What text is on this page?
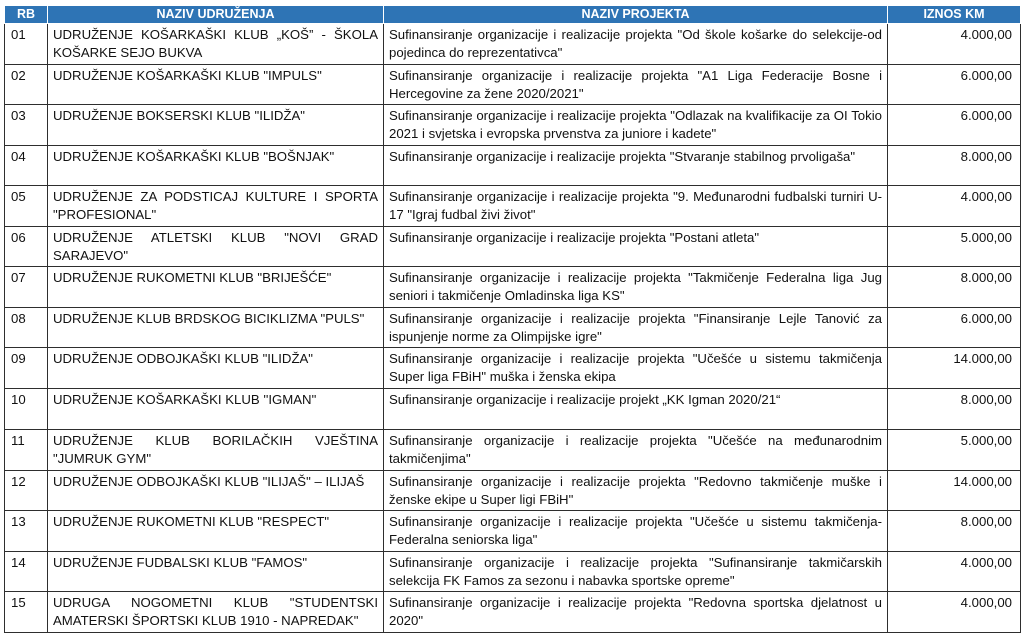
RB	NAZIV UDRUŽENJA	NAZIV PROJEKTA	IZNOS KM
01	UDRUŽENJE KOŠARKAŠKI KLUB „KOŠ” - ŠKOLA KOŠARKE SEJO BUKVA	Sufinansiranje organizacije i realizacije projekta "Od škole košarke do selekcije-od pojedinca do reprezentativca"	4.000,00
02	UDRUŽENJE KOŠARKAŠKI KLUB "IMPULS"	Sufinansiranje organizacije i realizacije projekta "A1 Liga Federacije Bosne i Hercegovine za žene 2020/2021"	6.000,00
03	UDRUŽENJE BOKSERSKI KLUB "ILIDŽA"	Sufinansiranje organizacije i realizacije projekta "Odlazak na kvalifikacije za OI Tokio 2021 i svjetska i evropska prvenstva za juniore i kadete"	6.000,00
04	UDRUŽENJE KOŠARKAŠKI KLUB "BOŠNJAK"	Sufinansiranje organizacije i realizacije projekta "Stvaranje stabilnog prvoligaša"	8.000,00
05	UDRUŽENJE ZA PODSTICAJ KULTURE I SPORTA "PROFESIONAL"	Sufinansiranje organizacije i realizacije projekta "9. Međunarodni fudbalski turniri U-17 "Igraj fudbal živi život"	4.000,00
06	UDRUŽENJE ATLETSKI KLUB "NOVI GRAD SARAJEVO"	Sufinansiranje organizacije i realizacije projekta "Postani atleta"	5.000,00
07	UDRUŽENJE RUKOMETNI KLUB "BRIJEŠĆE"	Sufinansiranje organizacije i realizacije projekta "Takmičenje Federalna liga Jug seniori i takmičenje Omladinska liga KS"	8.000,00
08	UDRUŽENJE KLUB BRDSKOG BICIKLIZMA "PULS"	Sufinansiranje organizacije i realizacije projekta "Finansiranje Lejle Tanović za ispunjenje norme za Olimpijske igre"	6.000,00
09	UDRUŽENJE ODBOJKAŠKI KLUB "ILIDŽA"	Sufinansiranje organizacije i realizacije projekta "Učešće u sistemu takmičenja Super liga FBiH" muška i ženska ekipa	14.000,00
10	UDRUŽENJE KOŠARKAŠKI KLUB ''IGMAN"	Sufinansiranje organizacije i realizacije projekt „KK Igman 2020/21“	8.000,00
11	UDRUŽENJE KLUB BORILAČKIH VJEŠTINA "JUMRUK GYM"	Sufinansiranje organizacije i realizacije projekta "Učešće na međunarodnim takmičenjima"	5.000,00
12	UDRUŽENJE ODBOJKAŠKI KLUB "ILIJAŠ" – ILIJAŠ	Sufinansiranje organizacije i realizacije projekta "Redovno takmičenje muške i ženske ekipe u Super ligi FBiH"	14.000,00
13	UDRUŽENJE RUKOMETNI KLUB "RESPECT"	Sufinansiranje organizacije i realizacije projekta "Učešće u sistemu takmičenja-Federalna seniorska liga"	8.000,00
14	UDRUŽENJE FUDBALSKI KLUB "FAMOS"	Sufinansiranje organizacije i realizacije projekta "Sufinansiranje takmičarskih selekcija FK Famos za sezonu i nabavka sportske opreme"	4.000,00
15	UDRUGA NOGOMETNI KLUB "STUDENTSKI AMATERSKI ŠPORTSKI KLUB 1910 - NAPREDAK"	Sufinansiranje organizacije i realizacije projekta "Redovna sportska djelatnost u 2020"	4.000,00
